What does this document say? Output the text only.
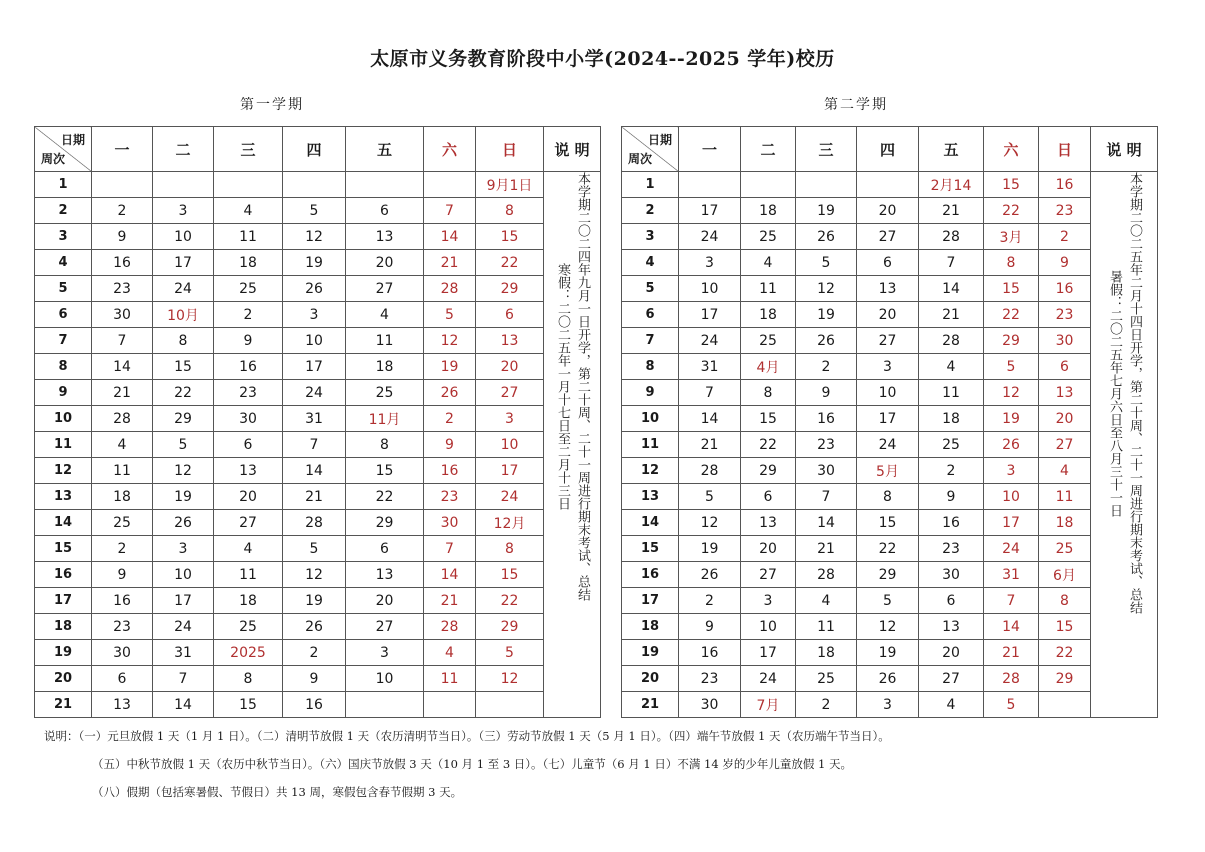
太原市义务教育阶段中小学(2024--2025 学年)校历
第一学期	第二学期
日期
周次	一	二	三	四	五	六	日	说 明
1							9月1日	本学期二〇二四年九月一日开学，第二十周、二十一周进行期末考试、总结
寒假：二〇二五年一月十七日至二月十三日

2	2	3	4	5	6	7	8	
3	9	10	11	12	13	14	15	
4	16	17	18	19	20	21	22	
5	23	24	25	26	27	28	29	
6	30	10月	2	3	4	5	6	
7	7	8	9	10	11	12	13	
8	14	15	16	17	18	19	20	
9	21	22	23	24	25	26	27	
10	28	29	30	31	11月	2	3	
11	4	5	6	7	8	9	10	
12	11	12	13	14	15	16	17	
13	18	19	20	21	22	23	24	
14	25	26	27	28	29	30	12月	
15	2	3	4	5	6	7	8	
16	9	10	11	12	13	14	15	
17	16	17	18	19	20	21	22	
18	23	24	25	26	27	28	29	
19	30	31	2025	2	3	4	5	
20	6	7	8	9	10	11	12	
21	13	14	15	16				
日期
周次	一	二	三	四	五	六	日	说 明
1					2月14	15	16	本学期二〇二五年二月十四日开学，第二十周、二十一周进行期末考试、总结
暑假：二〇二五年七月六日至八月三十一日

2	17	18	19	20	21	22	23	
3	24	25	26	27	28	3月	2	
4	3	4	5	6	7	8	9	
5	10	11	12	13	14	15	16	
6	17	18	19	20	21	22	23	
7	24	25	26	27	28	29	30	
8	31	4月	2	3	4	5	6	
9	7	8	9	10	11	12	13	
10	14	15	16	17	18	19	20	
11	21	22	23	24	25	26	27	
12	28	29	30	5月	2	3	4	
13	5	6	7	8	9	10	11	
14	12	13	14	15	16	17	18	
15	19	20	21	22	23	24	25	
16	26	27	28	29	30	31	6月	
17	2	3	4	5	6	7	8	
18	9	10	11	12	13	14	15	
19	16	17	18	19	20	21	22	
20	23	24	25	26	27	28	29	
21	30	7月	2	3	4	5		
说明：（一）元旦放假 1 天（1 月 1 日）。（二）清明节放假 1 天（农历清明节当日）。（三）劳动节放假 1 天（5 月 1 日）。（四）端午节放假 1 天（农历端午节当日）。
（五）中秋节放假 1 天（农历中秋节当日）。（六）国庆节放假 3 天（10 月 1 至 3 日）。（七）儿童节（6 月 1 日）不满 14 岁的少年儿童放假 1 天。
（八）假期（包括寒暑假、节假日）共 13 周，寒假包含春节假期 3 天。
